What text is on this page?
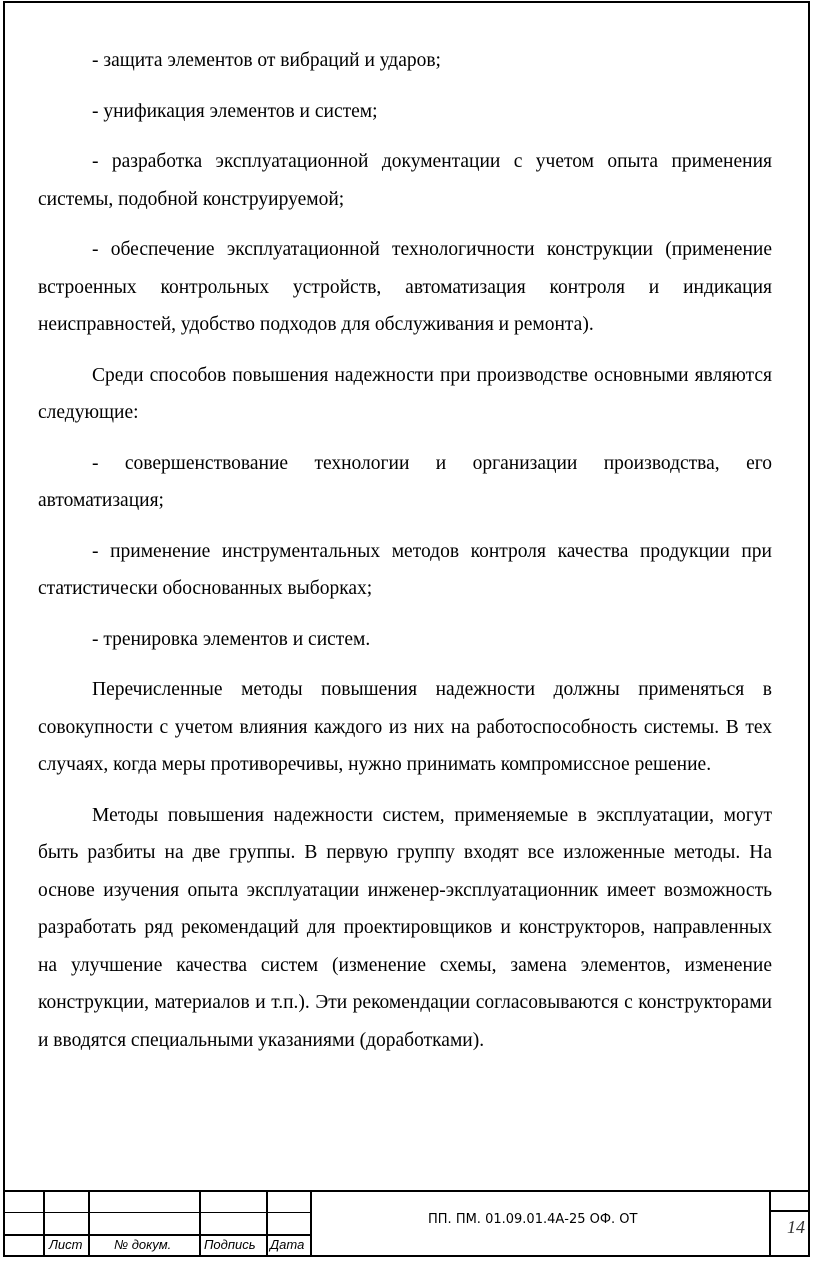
- защита элементов от вибраций и ударов;

- унификация элементов и систем;

- разработка эксплуатационной документации с учетом опыта применения системы, подобной конструируемой;

- обеспечение эксплуатационной технологичности конструкции (применение встроенных контрольных устройств, автоматизация контроля и индикация неисправностей, удобство подходов для обслуживания и ремонта).

Среди способов повышения надежности при производстве основными являются следующие:

- совершенствование технологии и организации производства, его автоматизация;

- применение инструментальных методов контроля качества продукции при статистически обоснованных выборках;

- тренировка элементов и систем.

Перечисленные методы повышения надежности должны применяться в совокупности с учетом влияния каждого из них на работоспособность системы. В тех случаях, когда меры противоречивы, нужно принимать компромиссное решение.

Методы повышения надежности систем, применяемые в эксплуатации, могут быть разбиты на две группы. В первую группу входят все изложенные методы. На основе изучения опыта эксплуатации инженер-эксплуатационник имеет возможность разработать ряд рекомендаций для проектировщиков и конструкторов, направленных на улучшение качества систем (изменение схемы, замена элементов, изменение конструкции, материалов и т.п.). Эти рекомендации согласовываются с конструкторами и вводятся специальными указаниями (доработками).

Лист № докум.	Подпись Дата
ПП. ПМ. 01.09.01.4А-25 ОФ. ОТ	14
